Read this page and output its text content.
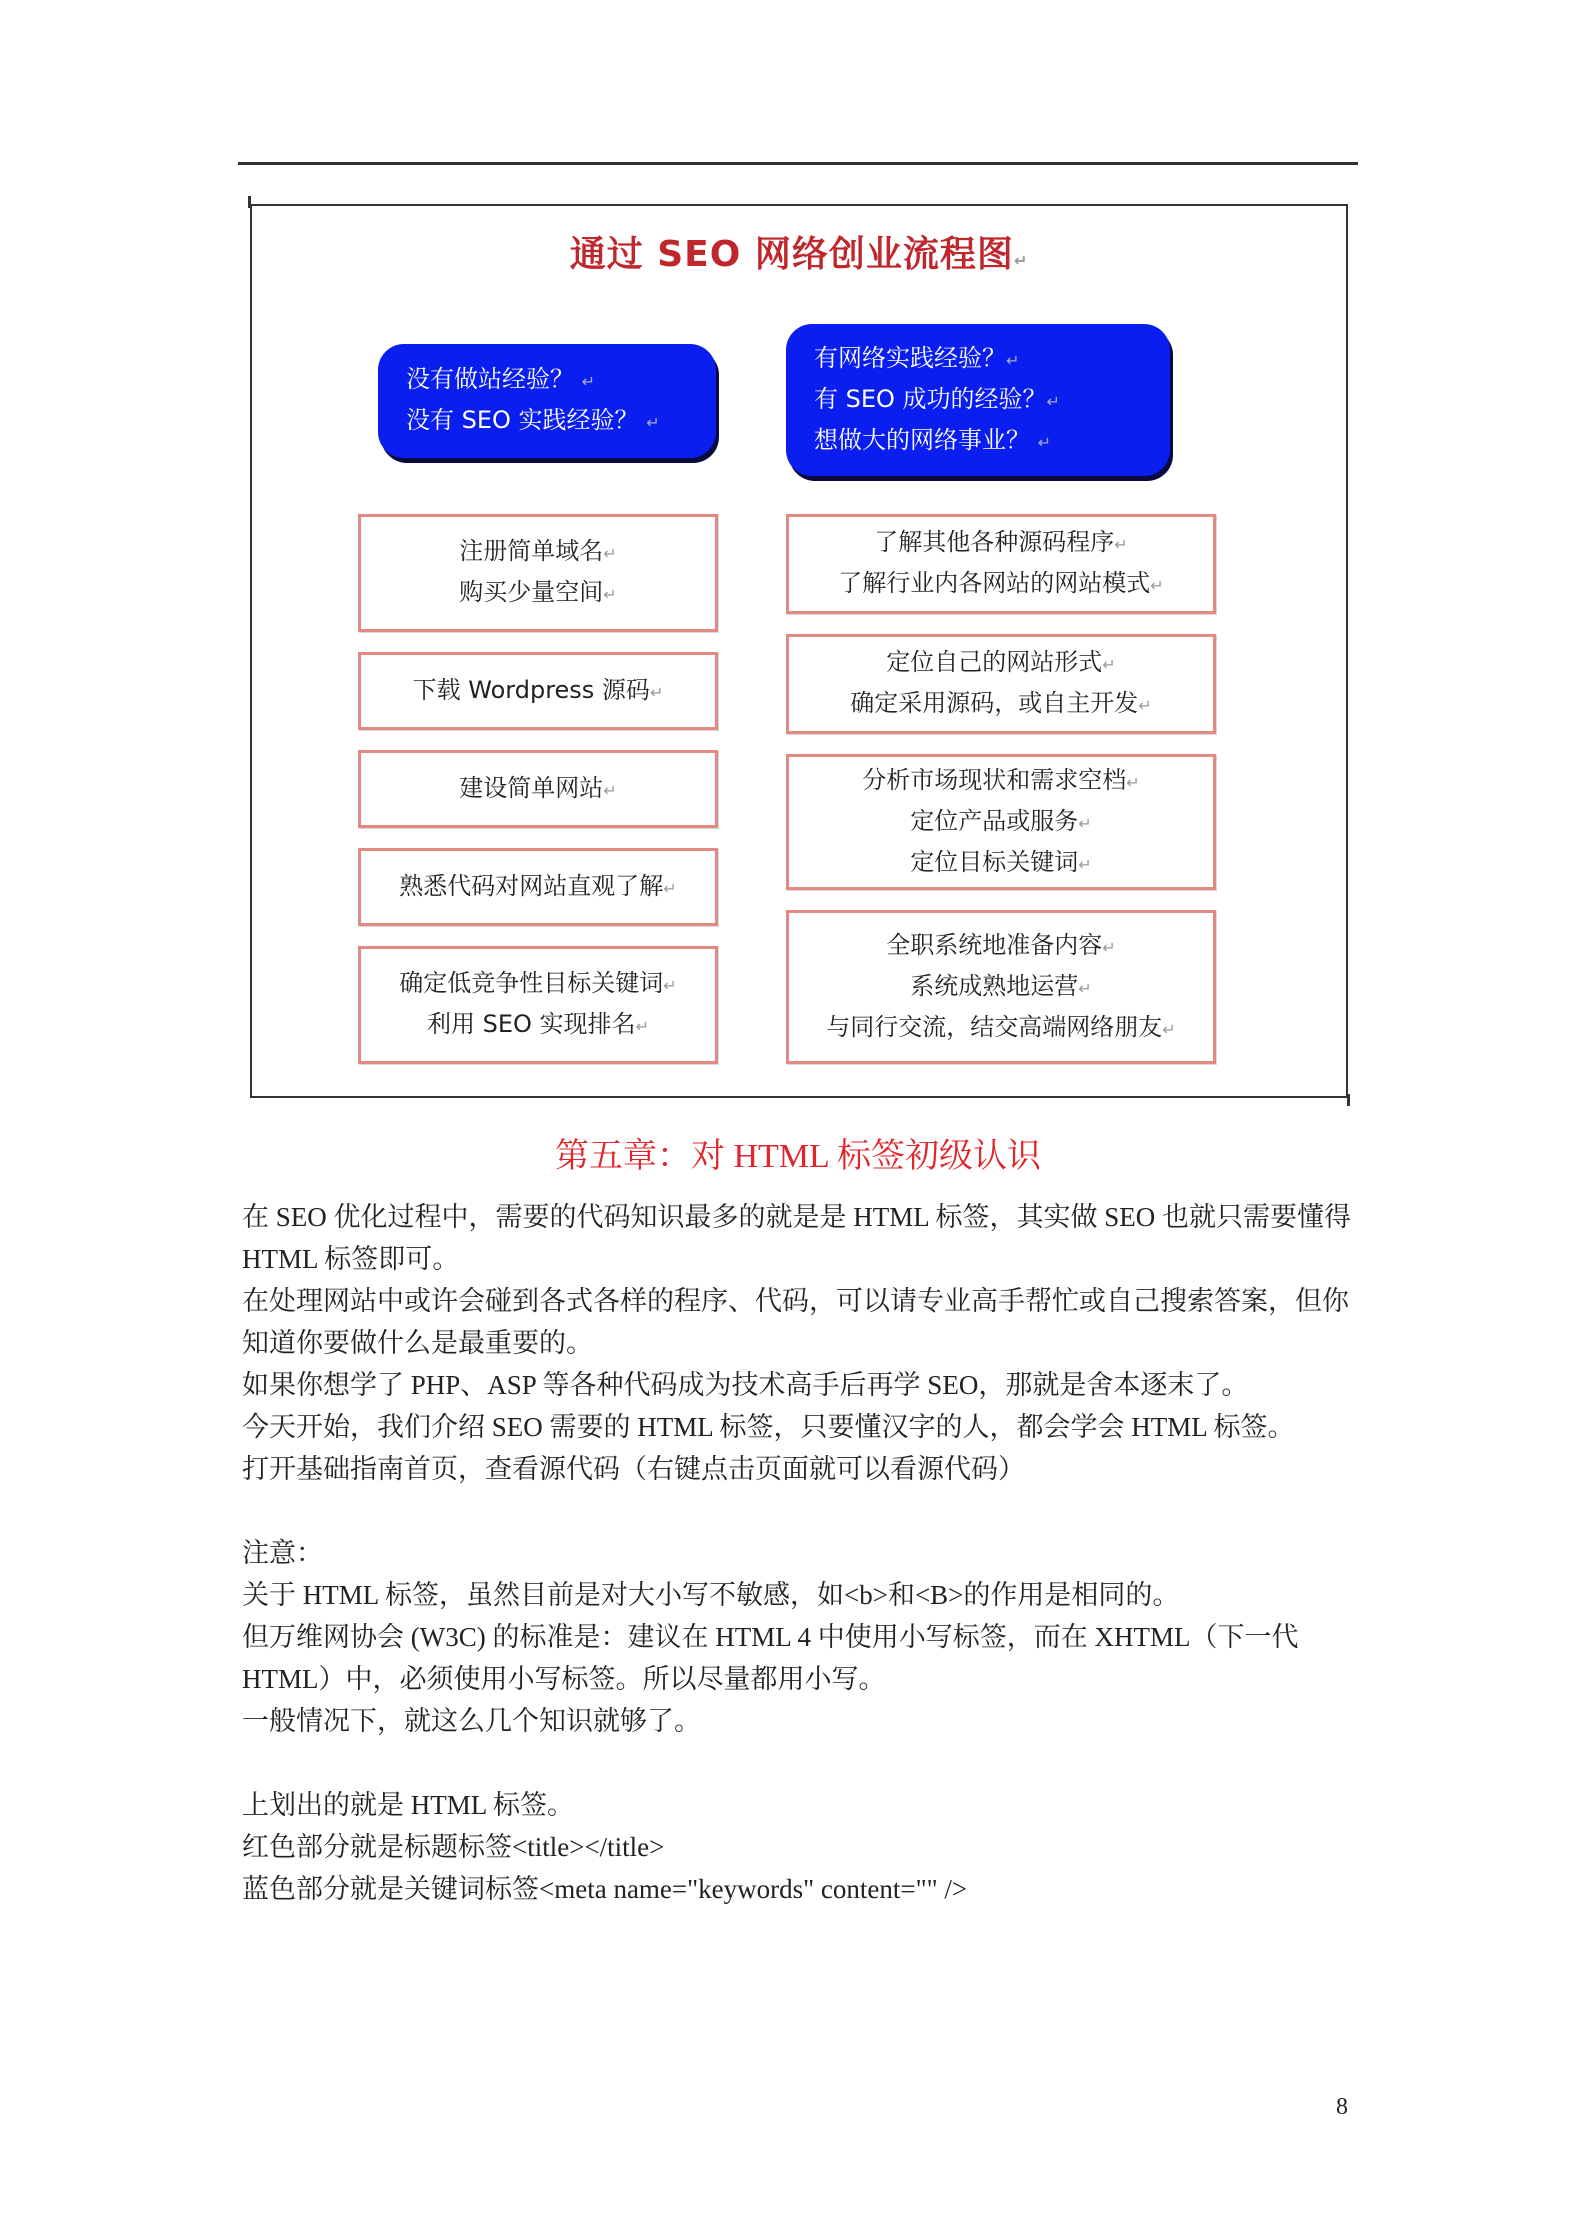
通过 SEO 网络创业流程图↵
没有做站经验？ ↵
没有 SEO 实践经验？ ↵
有网络实践经验？↵
有 SEO 成功的经验？↵
想做大的网络事业？ ↵
注册简单域名↵
购买少量空间↵
下载 Wordpress 源码↵
建设简单网站↵
熟悉代码对网站直观了解↵
确定低竞争性目标关键词↵
利用 SEO 实现排名↵
了解其他各种源码程序↵
了解行业内各网站的网站模式↵
定位自己的网站形式↵
确定采用源码，或自主开发↵
分析市场现状和需求空档↵
定位产品或服务↵
定位目标关键词↵
全职系统地准备内容↵
系统成熟地运营↵
与同行交流，结交高端网络朋友↵
第五章：对 HTML 标签初级认识

在 SEO 优化过程中，需要的代码知识最多的就是是 HTML 标签，其实做 SEO 也就只需要懂得 HTML 标签即可。

在处理网站中或许会碰到各式各样的程序、代码，可以请专业高手帮忙或自己搜索答案，但你知道你要做什么是最重要的。

如果你想学了 PHP、ASP 等各种代码成为技术高手后再学 SEO，那就是舍本逐末了。

今天开始，我们介绍 SEO 需要的 HTML 标签，只要懂汉字的人，都会学会 HTML 标签。

打开基础指南首页，查看源代码（右键点击页面就可以看源代码）

注意：

关于 HTML 标签，虽然目前是对大小写不敏感，如<b>和<B>的作用是相同的。

但万维网协会 (W3C) 的标准是：建议在 HTML 4 中使用小写标签，而在 XHTML（下一代 HTML）中，必须使用小写标签。所以尽量都用小写。

一般情况下，就这么几个知识就够了。

上划出的就是 HTML 标签。

红色部分就是标题标签<title></title>

蓝色部分就是关键词标签<meta name="keywords" content="" />

8
